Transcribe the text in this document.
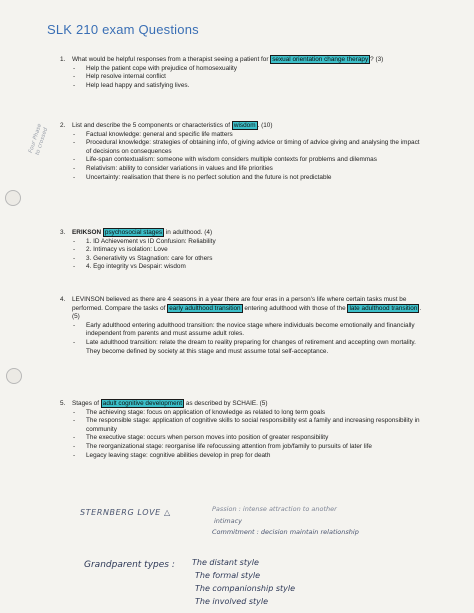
SLK 210 exam Questions
Four Phase
to crossed
1. What would be helpful responses from a therapist seeing a patient for sexual orientation change therapy ? (3)

- Help the patient cope with prejudice of homosexuality

- Help resolve internal conflict

- Help lead happy and satisfying lives.

2. List and describe the 5 components or characteristics of wisdom . (10)

- Factual knowledge: general and specific life matters

- Procedural knowledge: strategies of obtaining info, of giving advice or timing of advice giving and analysing the impact of decisions on consequences

- Life-span contextualism: someone with wisdom considers multiple contexts for problems and dilemmas

- Relativism: ability to consider variations in values and life priorities

- Uncertainty: realisation that there is no perfect solution and the future is not predictable

3. ERIKSON psychosocial stages in adulthood. (4)

- 1. ID Achievement vs ID Confusion: Reliability

- 2. Intimacy vs isolation: Love

- 3. Generativity vs Stagnation: care for others

- 4. Ego integrity vs Despair: wisdom

4. LEVINSON believed as there are 4 seasons in a year there are four eras in a person's life where certain tasks must be performed. Compare the tasks of early adulthood transition entering adulthood with those of the late adulthood transition . (5)

- Early adulthood entering adulthood transition: the novice stage where individuals become emotionally and financially independent from parents and must assume adult roles.

- Late adulthood transition: relate the dream to reality preparing for changes of retirement and accepting own mortality. They become defined by society at this stage and must assume total self-acceptance.

5. Stages of adult cognitive development as described by SCHAIE. (5)

- The achieving stage: focus on application of knowledge as related to long term goals

- The responsible stage: application of cognitive skills to social responsibility est a family and increasing responsibility in community

- The executive stage: occurs when person moves into position of greater responsibility

- The reorganizational stage: reorganise life refocussing attention from job/family to pursuits of later life

- Legacy leaving stage: cognitive abilities develop in prep for death

STERNBERG LOVE △	Passion : intense attraction to another
intimacy
Commitment : decision maintain relationship
Grandparent types : The distant style
The formal style
The companionship style
The involved style
